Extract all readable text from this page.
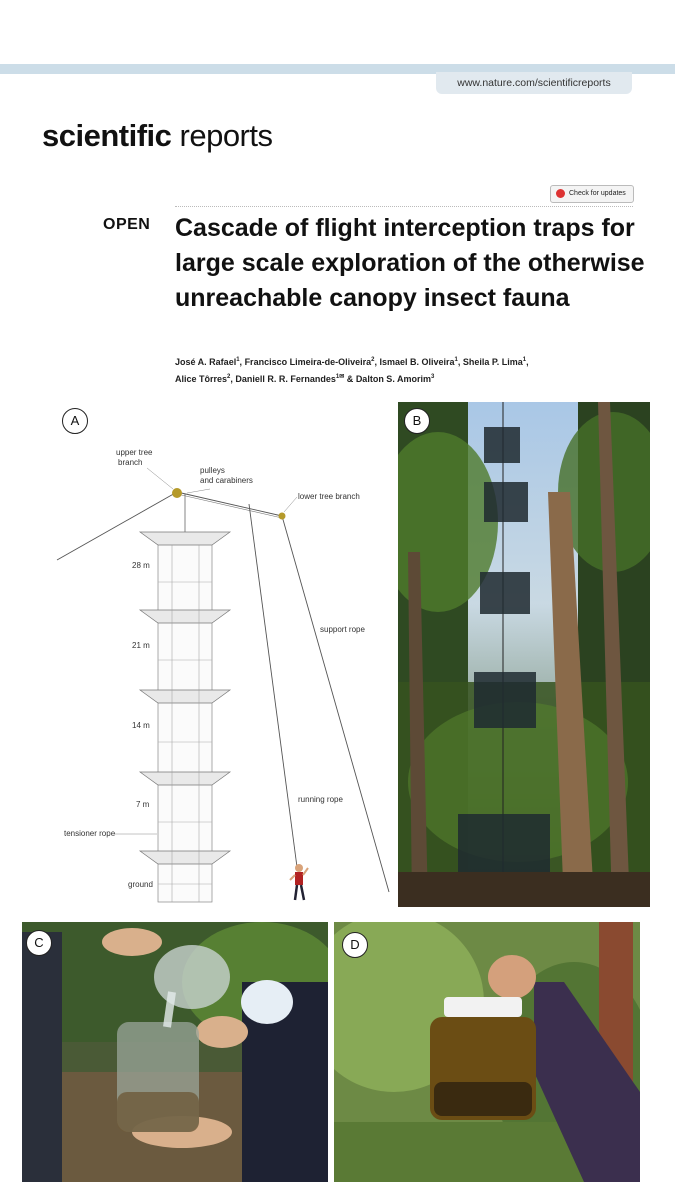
www.nature.com/scientificreports
scientific reports
Check for updates
OPEN Cascade of flight interception traps for large scale exploration of the otherwise unreachable canopy insect fauna
José A. Rafael$^1$, Francisco Limeira-de-Oliveira$^2$, Ismael B. Oliveira$^1$, Sheila P. Lima$^1$,
Alice Tôrres$^2$, Daniell R. R. Fernandes$^{1✉}$ & Dalton S. Amorim$^3$
upper tree
branch
pulleys
and carabiners
lower tree branch
support rope
running rope
tensioner rope
28 m
21 m
14 m
7 m
ground
A	B
C	D
